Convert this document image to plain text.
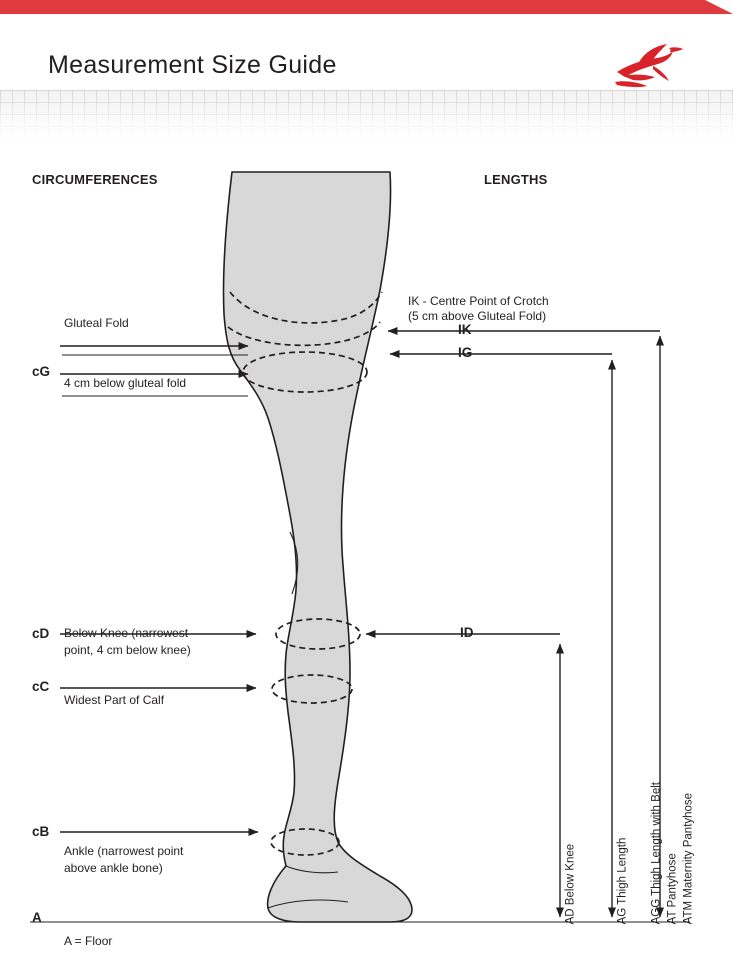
Measurement Size Guide
CIRCUMFERENCES	LENGTHS
IK - Centre Point of Crotch
(5 cm above Gluteal Fold)
cG
Gluteal Fold
4 cm below gluteal fold
cD Below Knee (narrowest
point, 4 cm below knee)
cC
Widest Part of Calf
cB
Ankle (narrowest point
above ankle bone)
A
A = Floor
IK
IG
ID
AD Below Knee	AG Thigh Length AGG Thigh Length with Belt AT Pantyhose ATM Maternity Pantyhose
